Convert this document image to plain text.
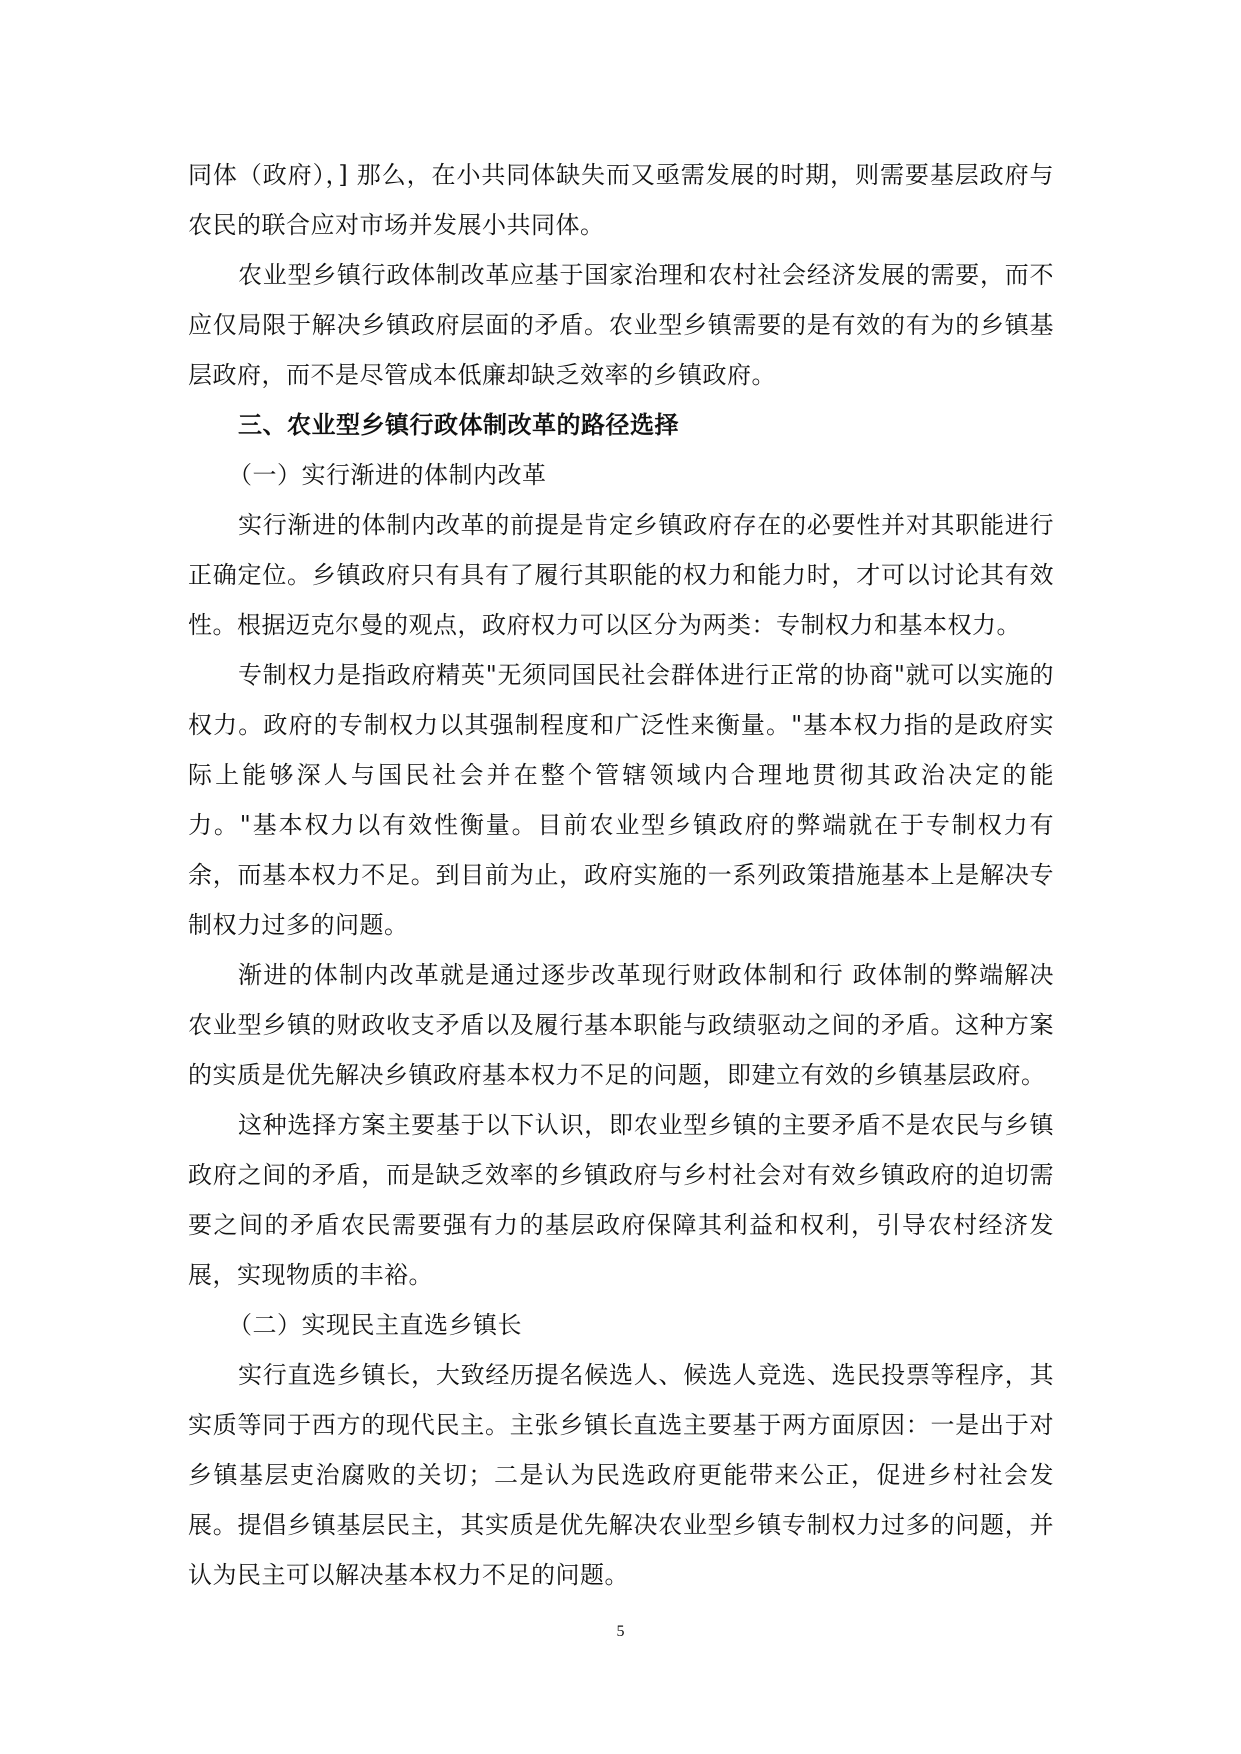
同体（政府），] 那么，在小共同体缺失而又亟需发展的时期，则需要基层政府与农民的联合应对市场并发展小共同体。

农业型乡镇行政体制改革应基于国家治理和农村社会经济发展的需要，而不应仅局限于解决乡镇政府层面的矛盾。农业型乡镇需要的是有效的有为的乡镇基层政府，而不是尽管成本低廉却缺乏效率的乡镇政府。

三、农业型乡镇行政体制改革的路径选择

（一）实行渐进的体制内改革

实行渐进的体制内改革的前提是肯定乡镇政府存在的必要性并对其职能进行正确定位。乡镇政府只有具有了履行其职能的权力和能力时，才可以讨论其有效性。根据迈克尔曼的观点，政府权力可以区分为两类：专制权力和基本权力。

专制权力是指政府精英"无须同国民社会群体进行正常的协商"就可以实施的权力。政府的专制权力以其强制程度和广泛性来衡量。"基本权力指的是政府实际上能够深人与国民社会并在整个管辖领域内合理地贯彻其政治决定的能力。"基本权力以有效性衡量。目前农业型乡镇政府的弊端就在于专制权力有余，而基本权力不足。到目前为止，政府实施的一系列政策措施基本上是解决专制权力过多的问题。

渐进的体制内改革就是通过逐步改革现行财政体制和行 政体制的弊端解决农业型乡镇的财政收支矛盾以及履行基本职能与政绩驱动之间的矛盾。这种方案的实质是优先解决乡镇政府基本权力不足的问题，即建立有效的乡镇基层政府。

这种选择方案主要基于以下认识，即农业型乡镇的主要矛盾不是农民与乡镇政府之间的矛盾，而是缺乏效率的乡镇政府与乡村社会对有效乡镇政府的迫切需要之间的矛盾农民需要强有力的基层政府保障其利益和权利，引导农村经济发展，实现物质的丰裕。

（二）实现民主直选乡镇长

实行直选乡镇长，大致经历提名候选人、候选人竞选、选民投票等程序，其实质等同于西方的现代民主。主张乡镇长直选主要基于两方面原因：一是出于对乡镇基层吏治腐败的关切；二是认为民选政府更能带来公正，促进乡村社会发展。提倡乡镇基层民主，其实质是优先解决农业型乡镇专制权力过多的问题，并认为民主可以解决基本权力不足的问题。

5
